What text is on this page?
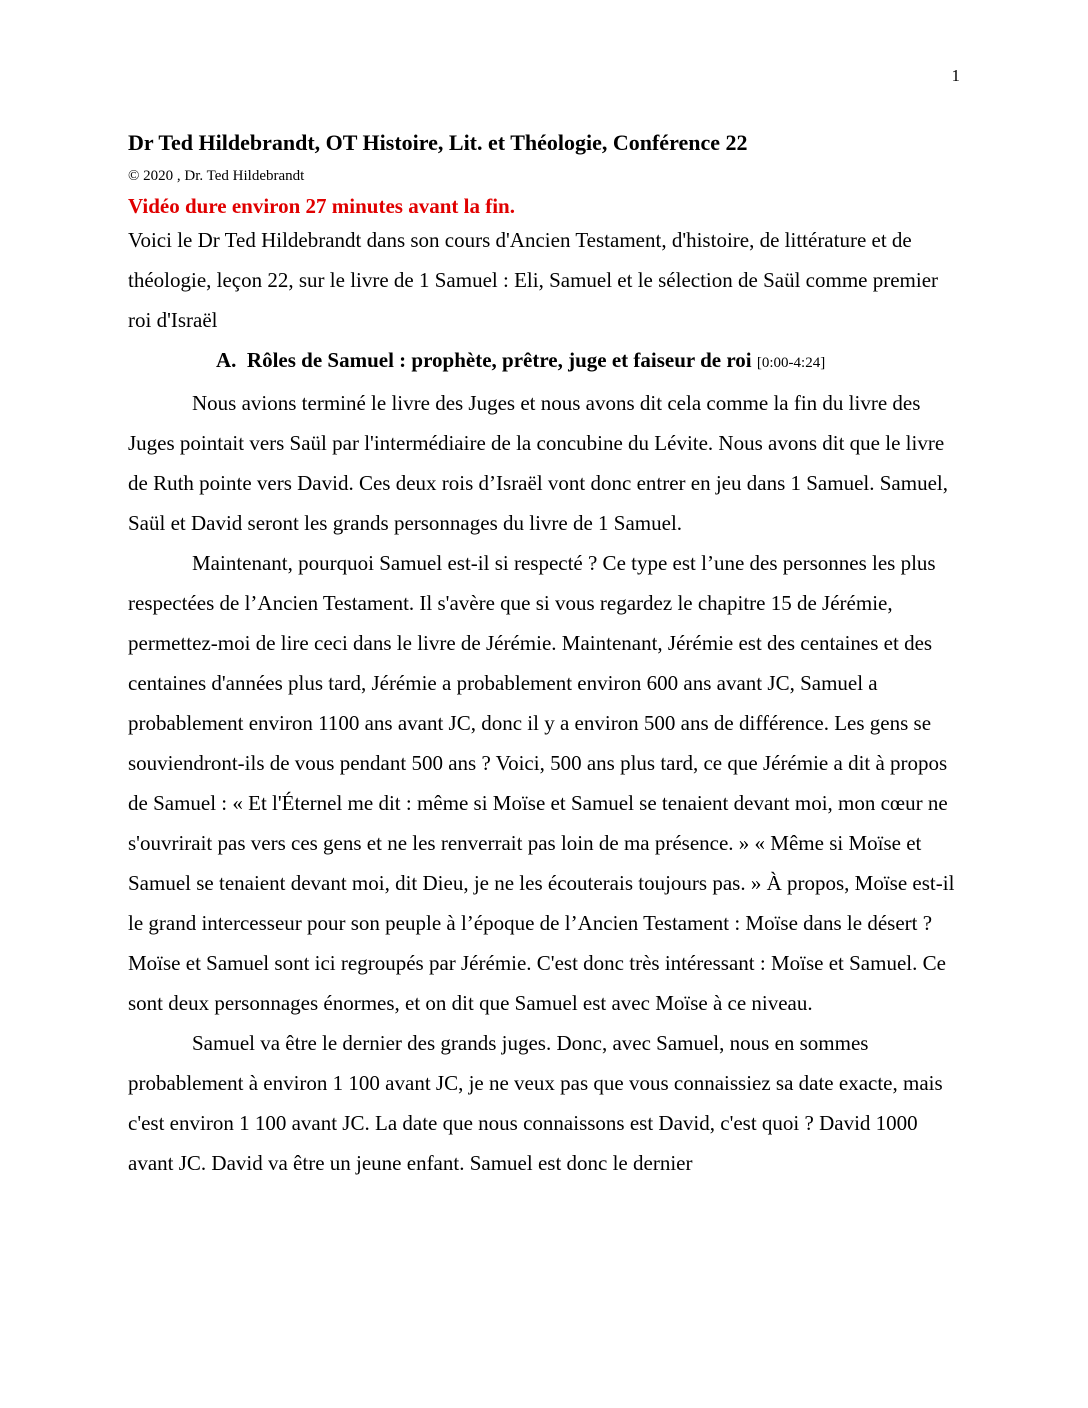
1
Dr Ted Hildebrandt, OT Histoire, Lit. et Théologie, Conférence 22

© 2020 , Dr. Ted Hildebrandt

Vidéo dure environ 27 minutes avant la fin.

Voici le Dr Ted Hildebrandt dans son cours d'Ancien Testament, d'histoire, de littérature et de théologie, leçon 22, sur le livre de 1 Samuel : Eli, Samuel et le sélection de Saül comme premier roi d'Israël

A. Rôles de Samuel : prophète, prêtre, juge et faiseur de roi [0:00-4:24]

Nous avions terminé le livre des Juges et nous avons dit cela comme la fin du livre des Juges pointait vers Saül par l'intermédiaire de la concubine du Lévite. Nous avons dit que le livre de Ruth pointe vers David. Ces deux rois d’Israël vont donc entrer en jeu dans 1 Samuel. Samuel, Saül et David seront les grands personnages du livre de 1 Samuel.

Maintenant, pourquoi Samuel est-il si respecté ? Ce type est l’une des personnes les plus respectées de l’Ancien Testament. Il s'avère que si vous regardez le chapitre 15 de Jérémie, permettez-moi de lire ceci dans le livre de Jérémie. Maintenant, Jérémie est des centaines et des centaines d'années plus tard, Jérémie a probablement environ 600 ans avant JC, Samuel a probablement environ 1100 ans avant JC, donc il y a environ 500 ans de différence. Les gens se souviendront-ils de vous pendant 500 ans ? Voici, 500 ans plus tard, ce que Jérémie a dit à propos de Samuel : « Et l'Éternel me dit : même si Moïse et Samuel se tenaient devant moi, mon cœur ne s'ouvrirait pas vers ces gens et ne les renverrait pas loin de ma présence. » « Même si Moïse et Samuel se tenaient devant moi, dit Dieu, je ne les écouterais toujours pas. » À propos, Moïse est-il le grand intercesseur pour son peuple à l’époque de l’Ancien Testament : Moïse dans le désert ? Moïse et Samuel sont ici regroupés par Jérémie. C'est donc très intéressant : Moïse et Samuel. Ce sont deux personnages énormes, et on dit que Samuel est avec Moïse à ce niveau.

Samuel va être le dernier des grands juges. Donc, avec Samuel, nous en sommes probablement à environ 1 100 avant JC, je ne veux pas que vous connaissiez sa date exacte, mais c'est environ 1 100 avant JC. La date que nous connaissons est David, c'est quoi ? David 1000 avant JC. David va être un jeune enfant. Samuel est donc le dernier
